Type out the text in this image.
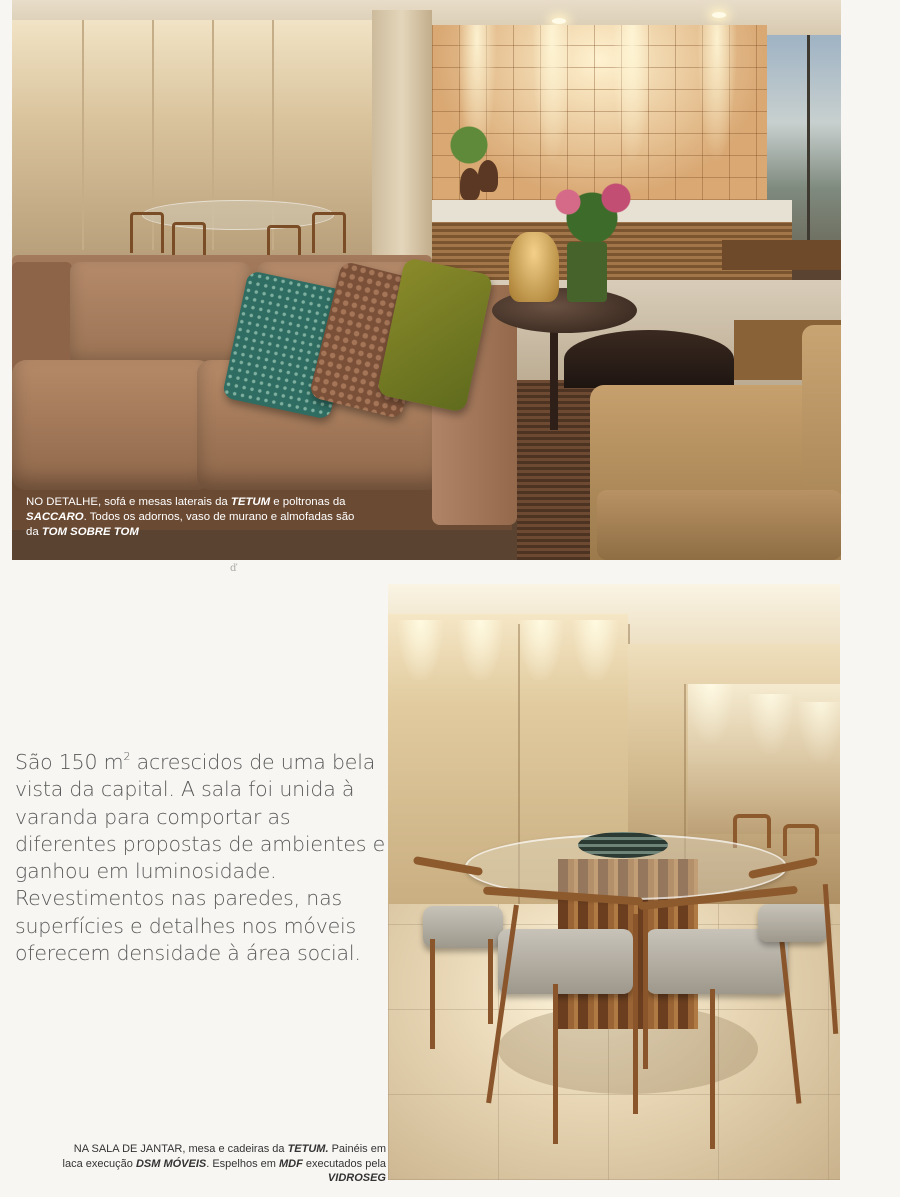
NO DETALHE, sofá e mesas laterais da TETUM e poltronas da SACCARO. Todos os adornos, vaso de murano e almofadas são da TOM SOBRE TOM
ď
São 150 $m^2$ acrescidos de uma bela vista da capital. A sala foi unida à varanda para comportar as diferentes propostas de ambientes e ganhou em luminosidade. Revestimentos nas paredes, nas superfícies e detalhes nos móveis oferecem densidade à área social.
NA SALA DE JANTAR, mesa e cadeiras da TETUM. Painéis em laca execução DSM MÓVEIS. Espelhos em MDF executados pela VIDROSEG
